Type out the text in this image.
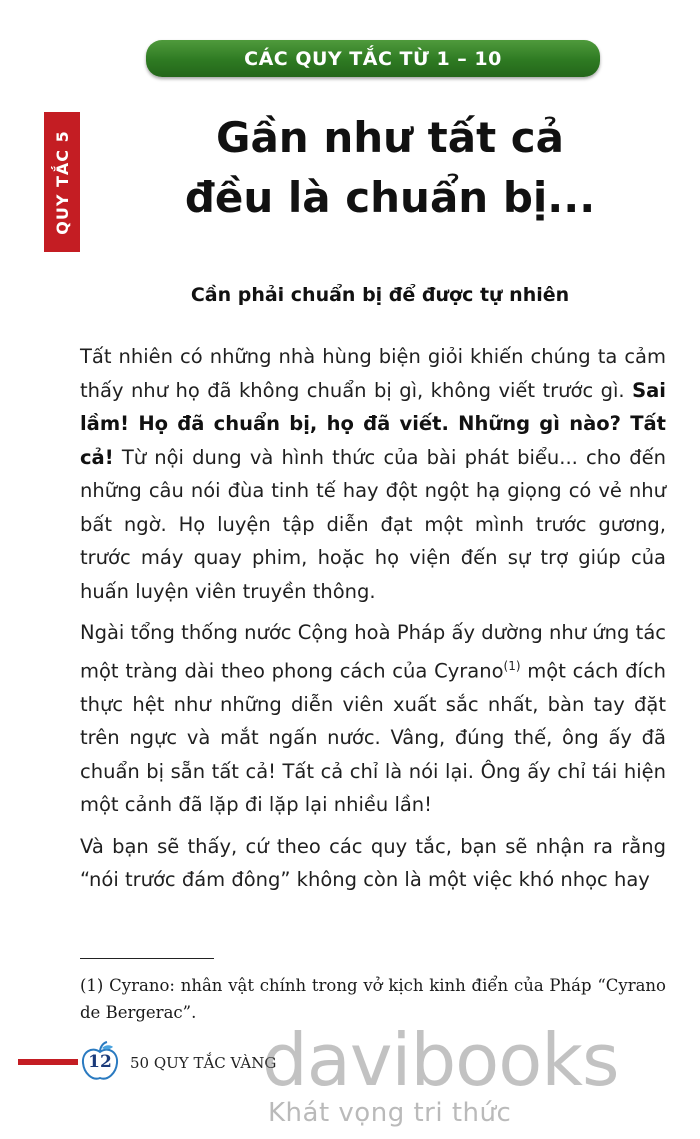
CÁC QUY TẮC TỪ 1 – 10
QUY TẮC 5	Gần như tất cả
đều là chuẩn bị...
Cần phải chuẩn bị để được tự nhiên

Tất nhiên có những nhà hùng biện giỏi khiến chúng ta cảm thấy như họ đã không chuẩn bị gì, không viết trước gì. Sai lầm! Họ đã chuẩn bị, họ đã viết. Những gì nào? Tất cả! Từ nội dung và hình thức của bài phát biểu... cho đến những câu nói đùa tinh tế hay đột ngột hạ giọng có vẻ như bất ngờ. Họ luyện tập diễn đạt một mình trước gương, trước máy quay phim, hoặc họ viện đến sự trợ giúp của huấn luyện viên truyền thông.

Ngài tổng thống nước Cộng hoà Pháp ấy dường như ứng tác một tràng dài theo phong cách của Cyrano$^{(1)}$ một cách đích thực hệt như những diễn viên xuất sắc nhất, bàn tay đặt trên ngực và mắt ngấn nước. Vâng, đúng thế, ông ấy đã chuẩn bị sẵn tất cả! Tất cả chỉ là nói lại. Ông ấy chỉ tái hiện một cảnh đã lặp đi lặp lại nhiều lần!

Và bạn sẽ thấy, cứ theo các quy tắc, bạn sẽ nhận ra rằng “nói trước đám đông” không còn là một việc khó nhọc hay

(1) Cyrano: nhân vật chính trong vở kịch kinh điển của Pháp “Cyrano de Bergerac”.
12	50 QUY TẮC VÀNG
davibooks
Khát vọng tri thức
